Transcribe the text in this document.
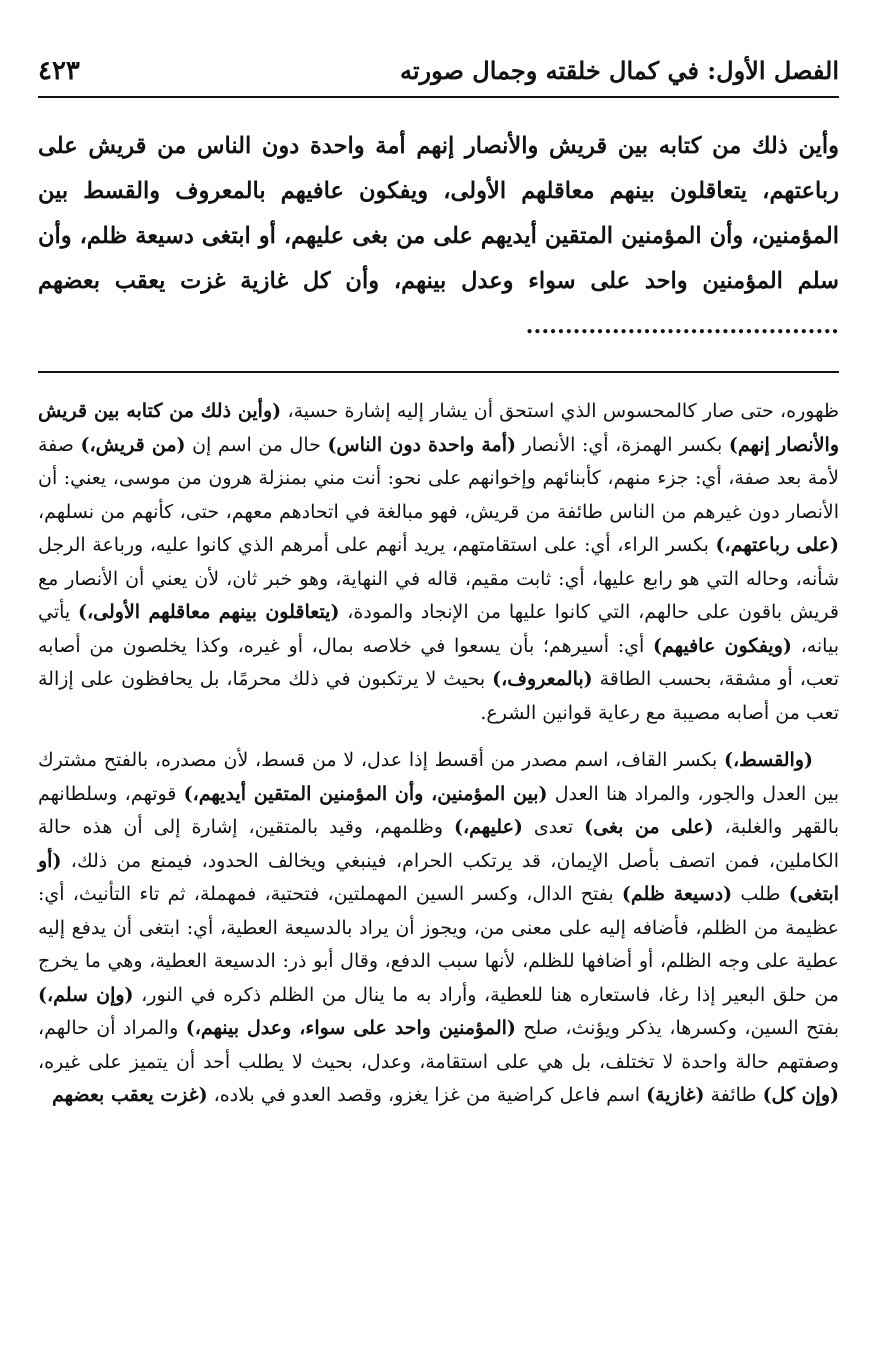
الفصل الأول: في كمال خلقته وجمال صورته
٤٢٣
وأين ذلك من كتابه بين قريش والأنصار إنهم أمة واحدة دون الناس من قريش على رباعتهم، يتعاقلون بينهم معاقلهم الأولى، ويفكون عافيهم بالمعروف والقسط بين المؤمنين، وأن المؤمنين المتقين أيديهم على من بغى عليهم، أو ابتغى دسيعة ظلم، وأن سلم المؤمنين واحد على سواء وعدل بينهم، وأن كل غازية غزت يعقب بعضهم ........................................

ظهوره، حتى صار كالمحسوس الذي استحق أن يشار إليه إشارة حسية، (وأين ذلك من كتابه بين قريش والأنصار إنهم) بكسر الهمزة، أي: الأنصار (أمة واحدة دون الناس) حال من اسم إن (من قريش،) صفة لأمة بعد صفة، أي: جزء منهم، كأبنائهم وإخوانهم على نحو: أنت مني بمنزلة هرون من موسى، يعني: أن الأنصار دون غيرهم من الناس طائفة من قريش، فهو مبالغة في اتحادهم معهم، حتى، كأنهم من نسلهم، (على رباعتهم،) بكسر الراء، أي: على استقامتهم، يريد أنهم على أمرهم الذي كانوا عليه، ورباعة الرجل شأنه، وحاله التي هو رابع عليها، أي: ثابت مقيم، قاله في النهاية، وهو خبر ثان، لأن يعني أن الأنصار مع قريش باقون على حالهم، التي كانوا عليها من الإنجاد والمودة، (يتعاقلون بينهم معاقلهم الأولى،) يأتي بيانه، (ويفكون عافيهم) أي: أسيرهم؛ بأن يسعوا في خلاصه بمال، أو غيره، وكذا يخلصون من أصابه تعب، أو مشقة، بحسب الطاقة (بالمعروف،) بحيث لا يرتكبون في ذلك محرمًا، بل يحافظون على إزالة تعب من أصابه مصيبة مع رعاية قوانين الشرع.

(والقسط،) بكسر القاف، اسم مصدر من أقسط إذا عدل، لا من قسط، لأن مصدره، بالفتح مشترك بين العدل والجور، والمراد هنا العدل (بين المؤمنين، وأن المؤمنين المتقين أيديهم،) قوتهم، وسلطانهم بالقهر والغلبة، (على من بغى) تعدى (عليهم،) وظلمهم، وقيد بالمتقين، إشارة إلى أن هذه حالة الكاملين، فمن اتصف بأصل الإيمان، قد يرتكب الحرام، فينبغي ويخالف الحدود، فيمنع من ذلك، (أو ابتغى) طلب (دسيعة ظلم) بفتح الدال، وكسر السين المهملتين، فتحتية، فمهملة، ثم تاء التأنيث، أي: عظيمة من الظلم، فأضافه إليه على معنى من، ويجوز أن يراد بالدسيعة العطية، أي: ابتغى أن يدفع إليه عطية على وجه الظلم، أو أضافها للظلم، لأنها سبب الدفع، وقال أبو ذر: الدسيعة العطية، وهي ما يخرج من حلق البعير إذا رغا، فاستعاره هنا للعطية، وأراد به ما ينال من الظلم ذكره في النور، (وإن سلم،) بفتح السين، وكسرها، يذكر ويؤنث، صلح (المؤمنين واحد على سواء، وعدل بينهم،) والمراد أن حالهم، وصفتهم حالة واحدة لا تختلف، بل هي على استقامة، وعدل، بحيث لا يطلب أحد أن يتميز على غيره، (وإن كل) طائفة (غازية) اسم فاعل كراضية من غزا يغزو، وقصد العدو في بلاده، (غزت يعقب بعضهم
